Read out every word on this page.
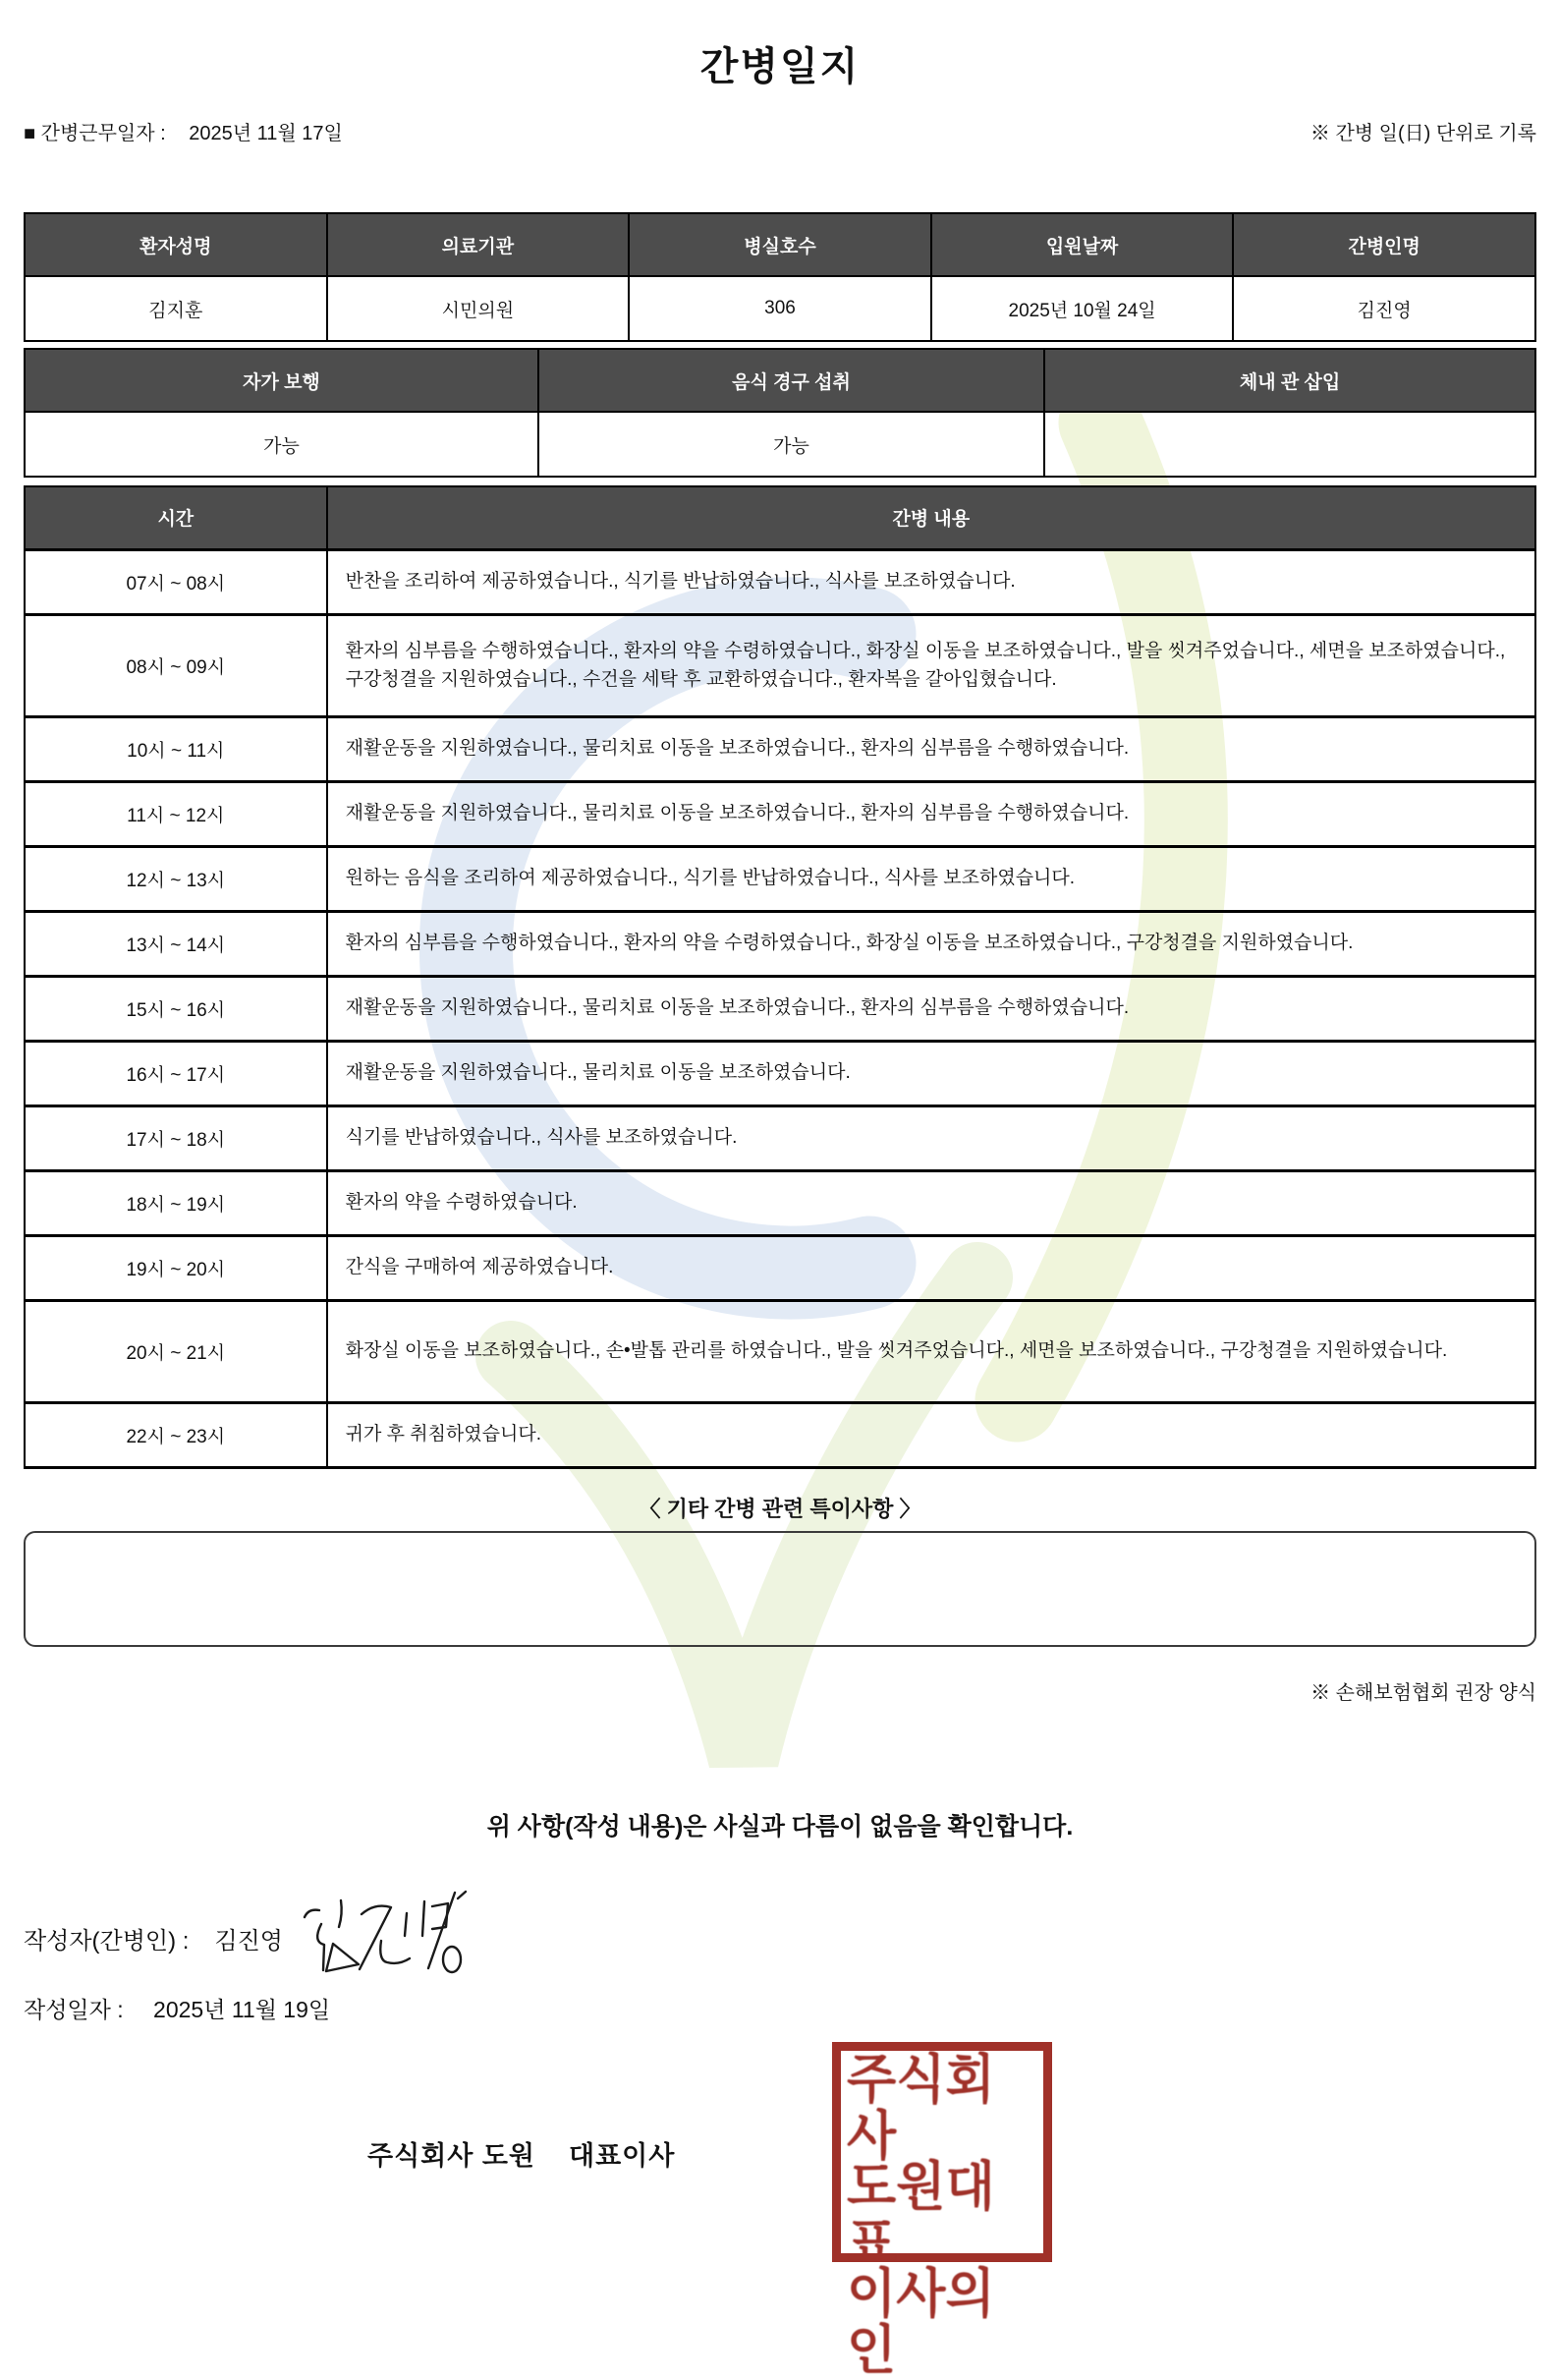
간병일지
■ 간병근무일자 : 2025년 11월 17일	※ 간병 일(日) 단위로 기록
환자성명	의료기관	병실호수	입원날짜	간병인명
김지훈	시민의원	306	2025년 10월 24일	김진영
자가 보행	음식 경구 섭취	체내 관 삽입
가능	가능	
시간	간병 내용
07시 ~ 08시	반찬을 조리하여 제공하였습니다., 식기를 반납하였습니다., 식사를 보조하였습니다.
08시 ~ 09시	환자의 심부름을 수행하였습니다., 환자의 약을 수령하였습니다., 화장실 이동을 보조하였습니다., 발을 씻겨주었습니다., 세면을 보조하였습니다., 구강청결을 지원하였습니다., 수건을 세탁 후 교환하였습니다., 환자복을 갈아입혔습니다.
10시 ~ 11시	재활운동을 지원하였습니다., 물리치료 이동을 보조하였습니다., 환자의 심부름을 수행하였습니다.
11시 ~ 12시	재활운동을 지원하였습니다., 물리치료 이동을 보조하였습니다., 환자의 심부름을 수행하였습니다.
12시 ~ 13시	원하는 음식을 조리하여 제공하였습니다., 식기를 반납하였습니다., 식사를 보조하였습니다.
13시 ~ 14시	환자의 심부름을 수행하였습니다., 환자의 약을 수령하였습니다., 화장실 이동을 보조하였습니다., 구강청결을 지원하였습니다.
15시 ~ 16시	재활운동을 지원하였습니다., 물리치료 이동을 보조하였습니다., 환자의 심부름을 수행하였습니다.
16시 ~ 17시	재활운동을 지원하였습니다., 물리치료 이동을 보조하였습니다.
17시 ~ 18시	식기를 반납하였습니다., 식사를 보조하였습니다.
18시 ~ 19시	환자의 약을 수령하였습니다.
19시 ~ 20시	간식을 구매하여 제공하였습니다.
20시 ~ 21시	화장실 이동을 보조하였습니다., 손•발톱 관리를 하였습니다., 발을 씻겨주었습니다., 세면을 보조하였습니다., 구강청결을 지원하였습니다.
22시 ~ 23시	귀가 후 취침하였습니다.
〈 기타 간병 관련 특이사항 〉
※ 손해보험협회 권장 양식
위 사항(작성 내용)은 사실과 다름이 없음을 확인합니다.
작성자(간병인) : 김진영
작성일자 : 2025년 11월 19일
주식회사 도원    대표이사
주식회사
도원대표
이사의인
